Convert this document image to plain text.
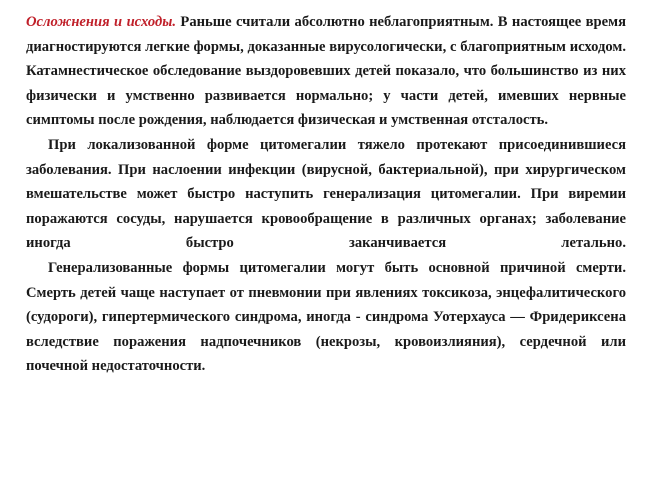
Осложнения и исходы. Раньше считали абсолютно неблагоприятным. В настоящее время диагностируются легкие формы, доказанные вирусологически, с благоприятным исходом. Катамнестическое обследование выздоровевших детей показало, что большинство из них физически и умственно развивается нормально; у части детей, имевших нервные симптомы после рождения, наблюдается физическая и умственная отсталость.

При локализованной форме цитомегалии тяжело протекают присоединившиеся заболевания. При наслоении инфекции (вирусной, бактериальной), при хирургическом вмешательстве может быстро наступить генерализация цитомегалии. При виремии поражаются сосуды, нарушается кровообращение в различных органах; заболевание иногда быстро заканчивается летально.

Генерализованные формы цитомегалии могут быть основной причиной смерти. Смерть детей чаще наступает от пневмонии при явлениях токсикоза, энцефалитического (судороги), гипертермического синдрома, иногда - синдрома Уотерхауса — Фридериксена вследствие поражения надпочечников (некрозы, кровоизлияния), сердечной или почечной недостаточности.
